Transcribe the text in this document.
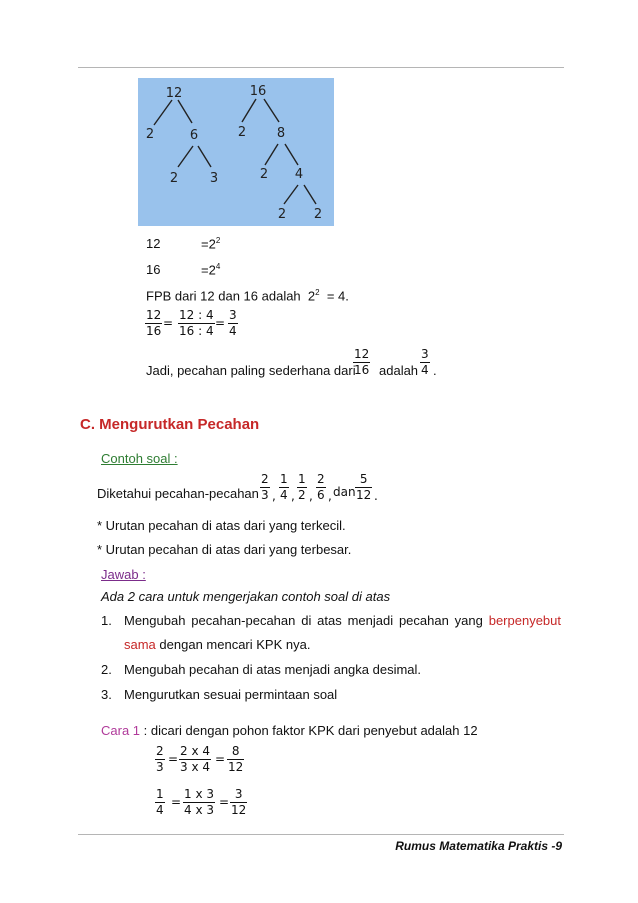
12
2	6
2 3
16
2 8
2 4
2 2
12	$=2^2$
16	$=2^4$
FPB dari 12 dan 16 adalah $2^2 = 4$.
$\frac{12}{16} = \frac{12 : 4}{16 : 4} = \frac{3}{4}$
Jadi, pecahan paling sederhana dari
$\frac{12}{16}$ adalah $\frac{3}{4}$ .
C. Mengurutkan Pecahan
Contoh soal :
Diketahui pecahan-pecahan $\frac{2}{3}$ , $\frac{1}{4}$ , $\frac{1}{2}$ , $\frac{2}{6}$ , dan $\frac{5}{12}$ .
* Urutan pecahan di atas dari yang terkecil.
* Urutan pecahan di atas dari yang terbesar.
Jawab :
Ada 2 cara untuk mengerjakan contoh soal di atas
1. Mengubah pecahan-pecahan di atas menjadi pecahan yang berpenyebut
sama dengan mencari KPK nya.
2. Mengubah pecahan di atas menjadi angka desimal.
3. Mengurutkan sesuai permintaan soal
Cara 1 : dicari dengan pohon faktor KPK dari penyebut adalah 12
$\frac{2}{3} = \frac{2 x 4}{3 x 4} = \frac{8}{12}$
$\frac{1}{4} = \frac{1 x 3}{4 x 3} = \frac{3}{12}$
Rumus Matematika Praktis -9
